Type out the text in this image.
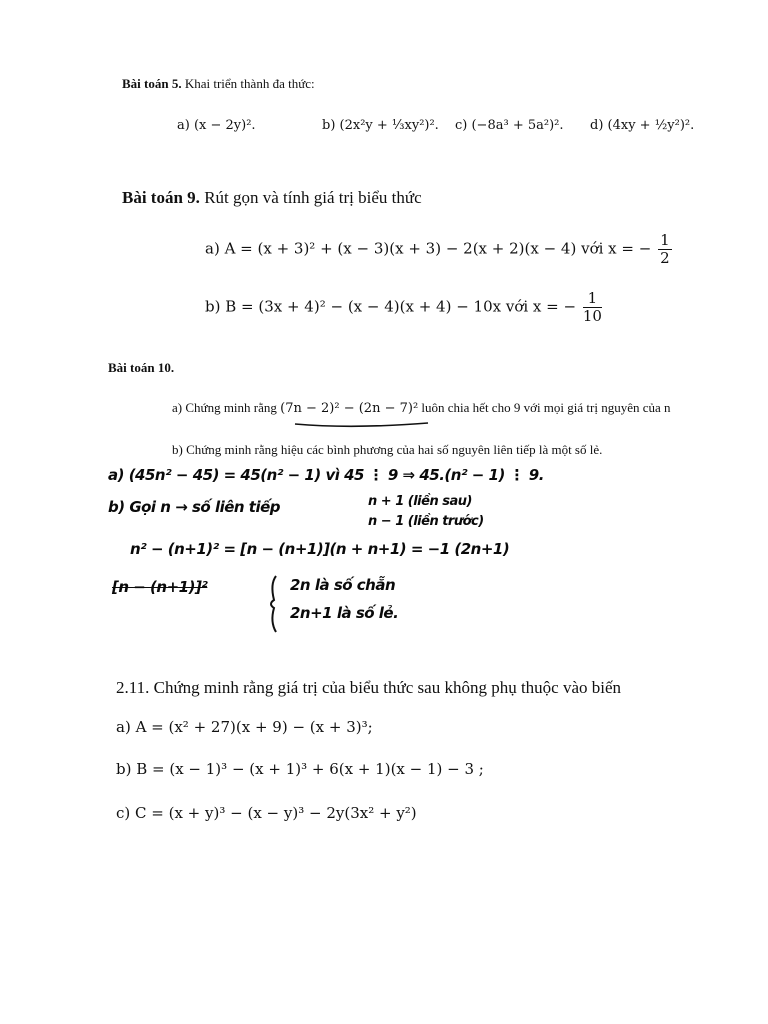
Bài toán 5. Khai triển thành đa thức:
a) (x − 2y)².	b) (2x²y + ⅓xy²)². c) (−8a³ + 5a²)². d) (4xy + ½y²)².
Bài toán 9. Rút gọn và tính giá trị biểu thức
a) A = (x + 3)² + (x − 3)(x + 3) − 2(x + 2)(x − 4) với x = − $\frac{1}{2}$
b) B = (3x + 4)² − (x − 4)(x + 4) − 10x với x = − $\frac{1}{10}$
Bài toán 10.
a) Chứng minh rằng (7n − 2)² − (2n − 7)² luôn chia hết cho 9 với mọi giá trị nguyên của n
b) Chứng minh rằng hiệu các bình phương của hai số nguyên liên tiếp là một số lẻ.
a) (45n² − 45) = 45(n² − 1) vì 45 ⋮ 9 ⇒ 45.(n² − 1) ⋮ 9.
b) Gọi n → số liên tiếp	n + 1 (liền sau)
n − 1 (liền trước)
n² − (n+1)² = [n − (n+1)](n + n+1) = −1 (2n+1)
[n − (n+1)]²	2n là số chẵn
2n+1 là số lẻ.
2.11. Chứng minh rằng giá trị của biểu thức sau không phụ thuộc vào biến
a) A = (x² + 27)(x + 9) − (x + 3)³;
b) B = (x − 1)³ − (x + 1)³ + 6(x + 1)(x − 1) − 3 ;
c) C = (x + y)³ − (x − y)³ − 2y(3x² + y²)
